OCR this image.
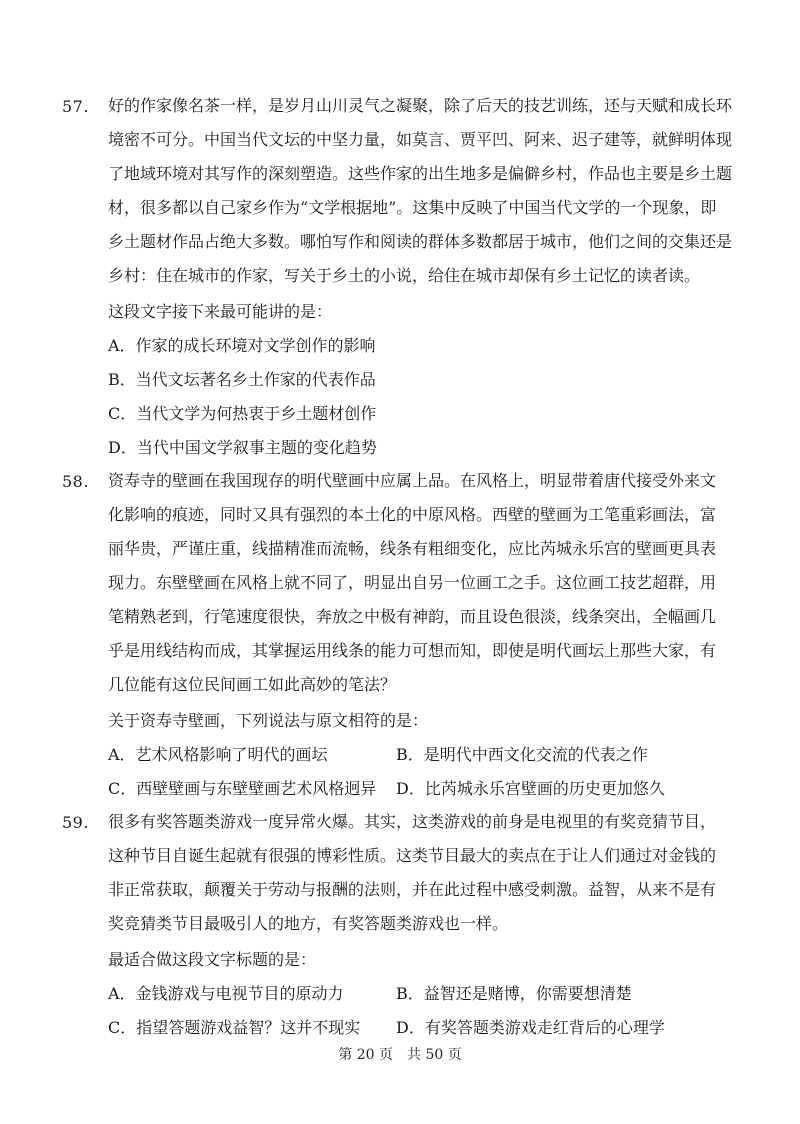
57. 好的作家像名茶一样，是岁月山川灵气之凝聚，除了后天的技艺训练，还与天赋和成长环
境密不可分。中国当代文坛的中坚力量，如莫言、贾平凹、阿来、迟子建等，就鲜明体现
了地域环境对其写作的深刻塑造。这些作家的出生地多是偏僻乡村，作品也主要是乡土题
材，很多都以自己家乡作为“文学根据地”。这集中反映了中国当代文学的一个现象，即
乡土题材作品占绝大多数。哪怕写作和阅读的群体多数都居于城市，他们之间的交集还是
乡村：住在城市的作家，写关于乡土的小说，给住在城市却保有乡土记忆的读者读。
这段文字接下来最可能讲的是：
A．作家的成长环境对文学创作的影响
B．当代文坛著名乡土作家的代表作品
C．当代文学为何热衷于乡土题材创作
D．当代中国文学叙事主题的变化趋势
58. 资寿寺的壁画在我国现存的明代壁画中应属上品。在风格上，明显带着唐代接受外来文
化影响的痕迹，同时又具有强烈的本土化的中原风格。西壁的壁画为工笔重彩画法，富
丽华贵，严谨庄重，线描精准而流畅，线条有粗细变化，应比芮城永乐宫的壁画更具表
现力。东壁壁画在风格上就不同了，明显出自另一位画工之手。这位画工技艺超群，用
笔精熟老到，行笔速度很快，奔放之中极有神韵，而且设色很淡，线条突出，全幅画几
乎是用线结构而成，其掌握运用线条的能力可想而知，即使是明代画坛上那些大家，有
几位能有这位民间画工如此高妙的笔法？
关于资寿寺壁画，下列说法与原文相符的是：
A．艺术风格影响了明代的画坛	B．是明代中西文化交流的代表之作
C．西壁壁画与东壁壁画艺术风格迥异 D．比芮城永乐宫壁画的历史更加悠久
59. 很多有奖答题类游戏一度异常火爆。其实，这类游戏的前身是电视里的有奖竞猜节目，
这种节目自诞生起就有很强的博彩性质。这类节目最大的卖点在于让人们通过对金钱的
非正常获取，颠覆关于劳动与报酬的法则，并在此过程中感受刺激。益智，从来不是有
奖竞猜类节目最吸引人的地方，有奖答题类游戏也一样。
最适合做这段文字标题的是：
A．金钱游戏与电视节目的原动力	B．益智还是赌博，你需要想清楚
C．指望答题游戏益智？这并不现实 D．有奖答题类游戏走红背后的心理学
第 20 页　共 50 页
